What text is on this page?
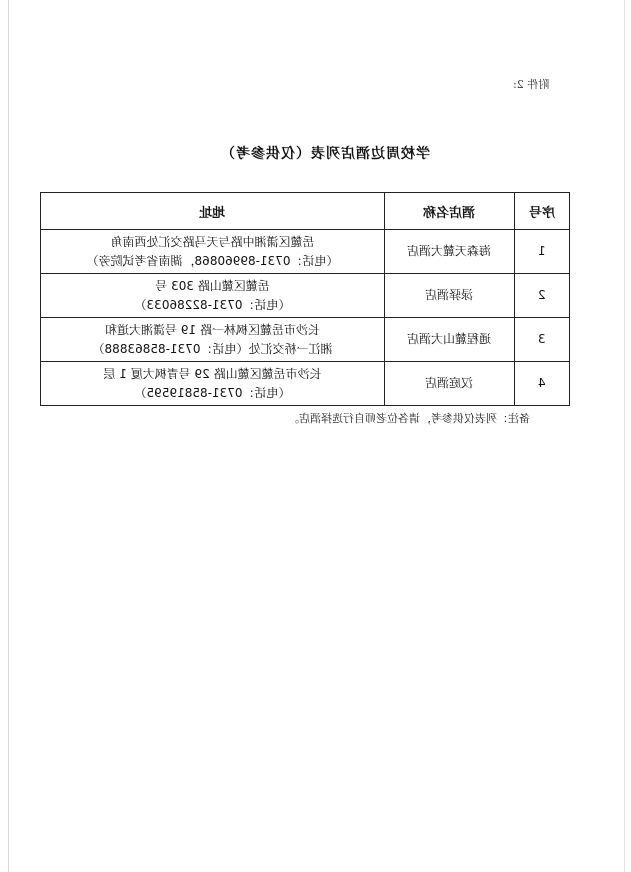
附件 2:
学校周边酒店列表（仅供参考）
地址	酒店名称	序号

岳麓区潇湘中路与天马路交汇处西南角
（电话：0731-89960868，湖南省考试院旁）	海森天麓大酒店	1

岳麓区麓山路 303 号
（电话：0731-82286033）	渌驿酒店	2

长沙市岳麓区枫林一路 19 号潇湘大道和
湘江一桥交汇处（电话：0731-85863888）	通程麓山大酒店	3

长沙市岳麓区麓山路 29 号青枫大厦 1 层
（电话：0731-85819595）	汉庭酒店	4
备注：列表仅供参考，请各位老师自行选择酒店。
